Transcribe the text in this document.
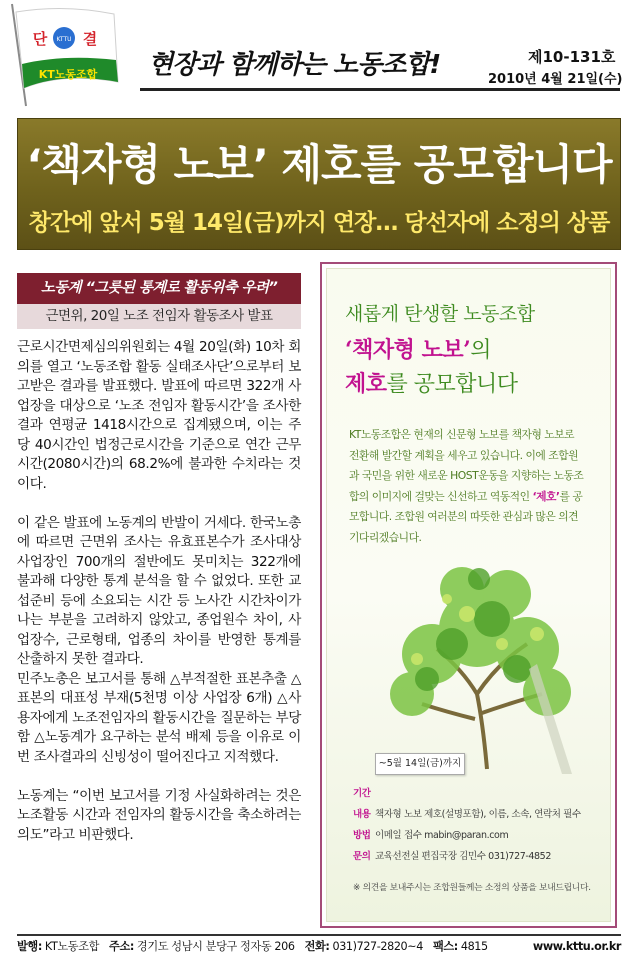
KTTU
단 결
KT노동조합 현장과 함께하는 노동조합!	제10-131호
2010년 4월 21일(수)
‘책자형 노보’ 제호를 공모합니다
창간에 앞서 5월 14일(금)까지 연장… 당선자에 소정의 상품
노동계 “그릇된 통계로 활동위축 우려”
근면위, 20일 노조 전임자 활동조사 발표

근로시간면제심의위원회는 4월 20일(화) 10차 회의를 열고 ‘노동조합 활동 실태조사단’으로부터 보고받은 결과를 발표했다. 발표에 따르면 322개 사업장을 대상으로 ‘노조 전임자 활동시간’을 조사한 결과 연평균 1418시간으로 집계됐으며, 이는 주당 40시간인 법정근로시간을 기준으로 연간 근무시간(2080시간)의 68.2%에 불과한 수치라는 것이다.

이 같은 발표에 노동계의 반발이 거세다. 한국노총에 따르면 근면위 조사는 유효표본수가 조사대상 사업장인 700개의 절반에도 못미치는 322개에 불과해 다양한 통계 분석을 할 수 없었다. 또한 교섭준비 등에 소요되는 시간 등 노사간 시간차이가 나는 부분을 고려하지 않았고, 종업원수 차이, 사업장수, 근로형태, 업종의 차이를 반영한 통계를 산출하지 못한 결과다.

민주노총은 보고서를 통해 △부적절한 표본추출 △표본의 대표성 부재(5천명 이상 사업장 6개) △사용자에게 노조전임자의 활동시간을 질문하는 부당함 △노동계가 요구하는 분석 배제 등을 이유로 이번 조사결과의 신빙성이 떨어진다고 지적했다.

노동계는 “이번 보고서를 기정 사실화하려는 것은 노조활동 시간과 전임자의 활동시간을 축소하려는 의도”라고 비판했다.

새롭게 탄생할 노동조합
‘책자형 노보’의
제호를 공모합니다
KT노동조합은 현재의 신문형 노보를 책자형 노보로 전환해 발간할 계획을 세우고 있습니다. 이에 조합원과 국민을 위한 새로운 HOST운동을 지향하는 노동조합의 이미지에 걸맞는 신선하고 역동적인 ‘제호’를 공모합니다. 조합원 여러분의 따뜻한 관심과 많은 의견 기다리겠습니다.
~5월 14일(금)까지
기간
내용 책자형 노보 제호(설명포함), 이름, 소속, 연락처 필수
방법 이메일 접수 mabin@paran.com
문의 교육선전실 편집국장 김민수 031)727-4852
※ 의견을 보내주시는 조합원들께는 소정의 상품을 보내드립니다.
발행: KT노동조합 주소: 경기도 성남시 분당구 정자동 206 전화: 031)727-2820~4 팩스: 4815	www.kttu.or.kr
